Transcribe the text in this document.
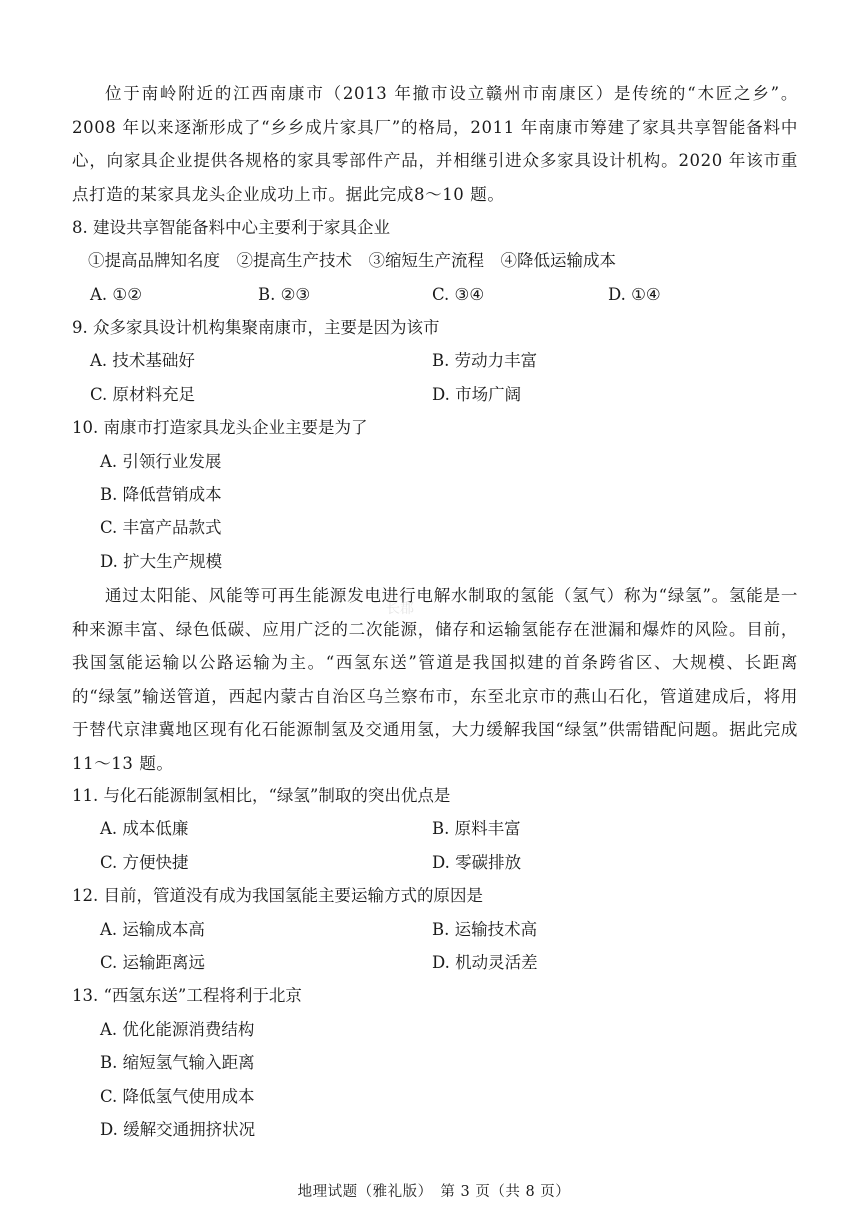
位于南岭附近的江西南康市（2013 年撤市设立赣州市南康区）是传统的“木匠之乡”。2008 年以来逐渐形成了“乡乡成片家具厂”的格局，2011 年南康市筹建了家具共享智能备料中心，向家具企业提供各规格的家具零部件产品，并相继引进众多家具设计机构。2020 年该市重点打造的某家具龙头企业成功上市。据此完成8～10 题。
8. 建设共享智能备料中心主要利于家具企业
①提高品牌知名度　②提高生产技术　③缩短生产流程　④降低运输成本
A. ①②	B. ②③	C. ③④	D. ①④
9. 众多家具设计机构集聚南康市，主要是因为该市
A. 技术基础好	B. 劳动力丰富
C. 原材料充足	D. 市场广阔
10. 南康市打造家具龙头企业主要是为了
A. 引领行业发展
B. 降低营销成本
C. 丰富产品款式
D. 扩大生产规模
长郡
通过太阳能、风能等可再生能源发电进行电解水制取的氢能（氢气）称为“绿氢”。氢能是一种来源丰富、绿色低碳、应用广泛的二次能源，储存和运输氢能存在泄漏和爆炸的风险。目前，我国氢能运输以公路运输为主。“西氢东送”管道是我国拟建的首条跨省区、大规模、长距离的“绿氢”输送管道，西起内蒙古自治区乌兰察布市，东至北京市的燕山石化，管道建成后，将用于替代京津冀地区现有化石能源制氢及交通用氢，大力缓解我国“绿氢”供需错配问题。据此完成 11～13 题。
11. 与化石能源制氢相比，“绿氢”制取的突出优点是
A. 成本低廉	B. 原料丰富
C. 方便快捷	D. 零碳排放
12. 目前，管道没有成为我国氢能主要运输方式的原因是
A. 运输成本高	B. 运输技术高
C. 运输距离远	D. 机动灵活差
13. “西氢东送”工程将利于北京
A. 优化能源消费结构
B. 缩短氢气输入距离
C. 降低氢气使用成本
D. 缓解交通拥挤状况
地理试题（雅礼版）　第 3 页（共 8 页）
